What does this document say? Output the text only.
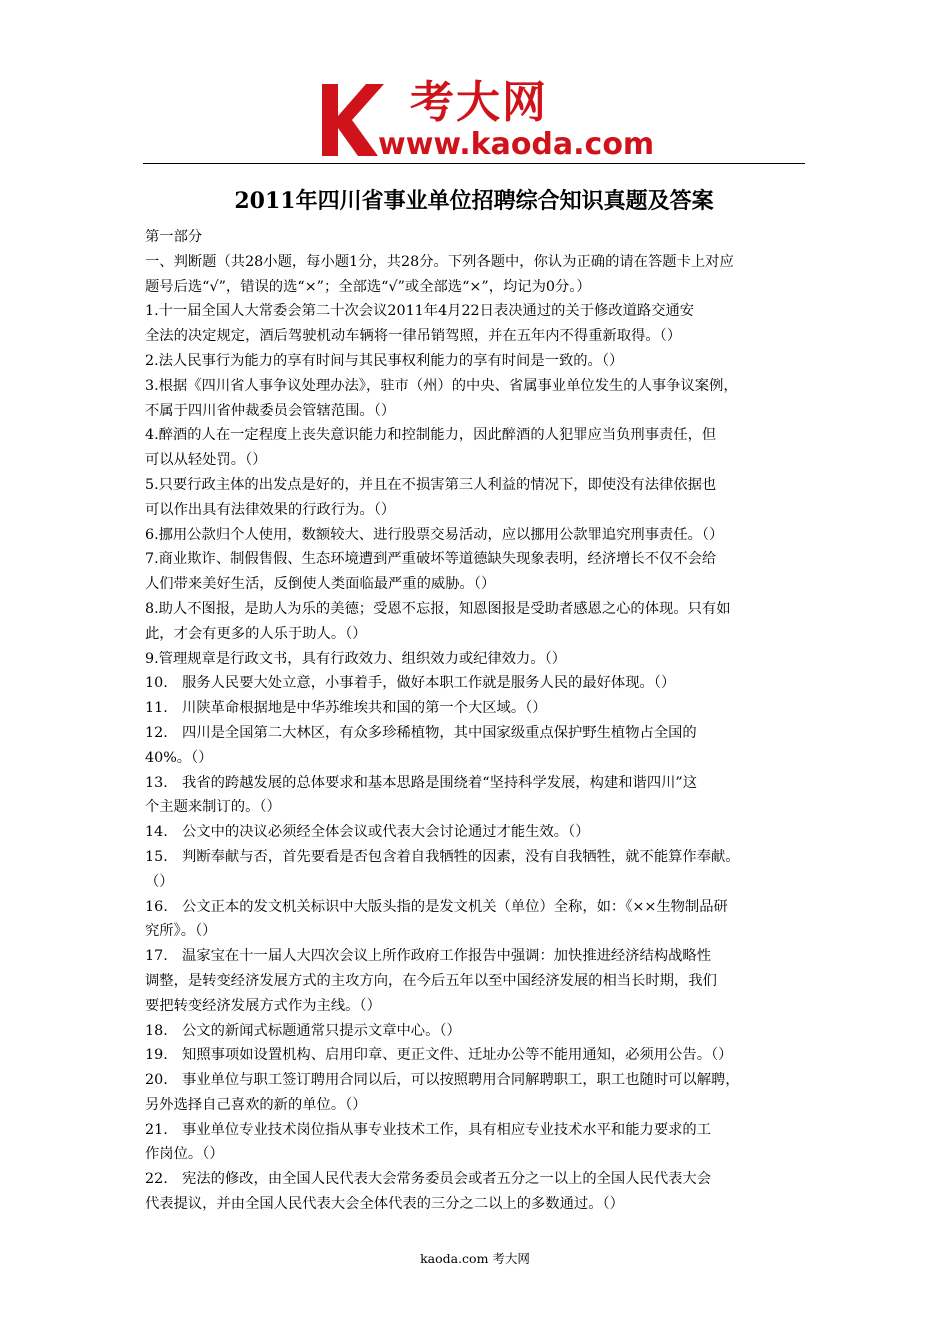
考大网
www.kaoda.com
2011年四川省事业单位招聘综合知识真题及答案

第一部分

一、判断题（共28小题，每小题1分，共28分。下列各题中，你认为正确的请在答题卡上对应

题号后选“√”，错误的选“×”；全部选“√”或全部选“×”，均记为0分。）

1.十一届全国人大常委会第二十次会议2011年4月22日表决通过的关于修改道路交通安

全法的决定规定，酒后驾驶机动车辆将一律吊销驾照，并在五年内不得重新取得。（）

2.法人民事行为能力的享有时间与其民事权利能力的享有时间是一致的。（）

3.根据《四川省人事争议处理办法》，驻市（州）的中央、省属事业单位发生的人事争议案例，

不属于四川省仲裁委员会管辖范围。（）

4.醉酒的人在一定程度上丧失意识能力和控制能力，因此醉酒的人犯罪应当负刑事责任，但

可以从轻处罚。（）

5.只要行政主体的出发点是好的，并且在不损害第三人利益的情况下，即使没有法律依据也

可以作出具有法律效果的行政行为。（）

6.挪用公款归个人使用，数额较大、进行股票交易活动，应以挪用公款罪追究刑事责任。（）

7.商业欺诈、制假售假、生态环境遭到严重破坏等道德缺失现象表明，经济增长不仅不会给

人们带来美好生活，反倒使人类面临最严重的威胁。（）

8.助人不图报，是助人为乐的美德；受恩不忘报，知恩图报是受助者感恩之心的体现。只有如

此，才会有更多的人乐于助人。（）

9.管理规章是行政文书，具有行政效力、组织效力或纪律效力。（）

10.　服务人民要大处立意，小事着手，做好本职工作就是服务人民的最好体现。（）

11.　川陕革命根据地是中华苏维埃共和国的第一个大区域。（）

12.　四川是全国第二大林区，有众多珍稀植物，其中国家级重点保护野生植物占全国的

40%。（）

13.　我省的跨越发展的总体要求和基本思路是围绕着“坚持科学发展，构建和谐四川”这

个主题来制订的。（）

14.　公文中的决议必须经全体会议或代表大会讨论通过才能生效。（）

15.　判断奉献与否，首先要看是否包含着自我牺牲的因素，没有自我牺牲，就不能算作奉献。

（）

16.　公文正本的发文机关标识中大版头指的是发文机关（单位）全称，如：《××生物制品研

究所》。（）

17.　温家宝在十一届人大四次会议上所作政府工作报告中强调：加快推进经济结构战略性

调整，是转变经济发展方式的主攻方向，在今后五年以至中国经济发展的相当长时期，我们

要把转变经济发展方式作为主线。（）

18.　公文的新闻式标题通常只提示文章中心。（）

19.　知照事项如设置机构、启用印章、更正文件、迁址办公等不能用通知，必须用公告。（）

20.　事业单位与职工签订聘用合同以后，可以按照聘用合同解聘职工，职工也随时可以解聘，

另外选择自己喜欢的新的单位。（）

21.　事业单位专业技术岗位指从事专业技术工作，具有相应专业技术水平和能力要求的工

作岗位。（）

22.　宪法的修改，由全国人民代表大会常务委员会或者五分之一以上的全国人民代表大会

代表提议，并由全国人民代表大会全体代表的三分之二以上的多数通过。（）

kaoda.com 考大网
